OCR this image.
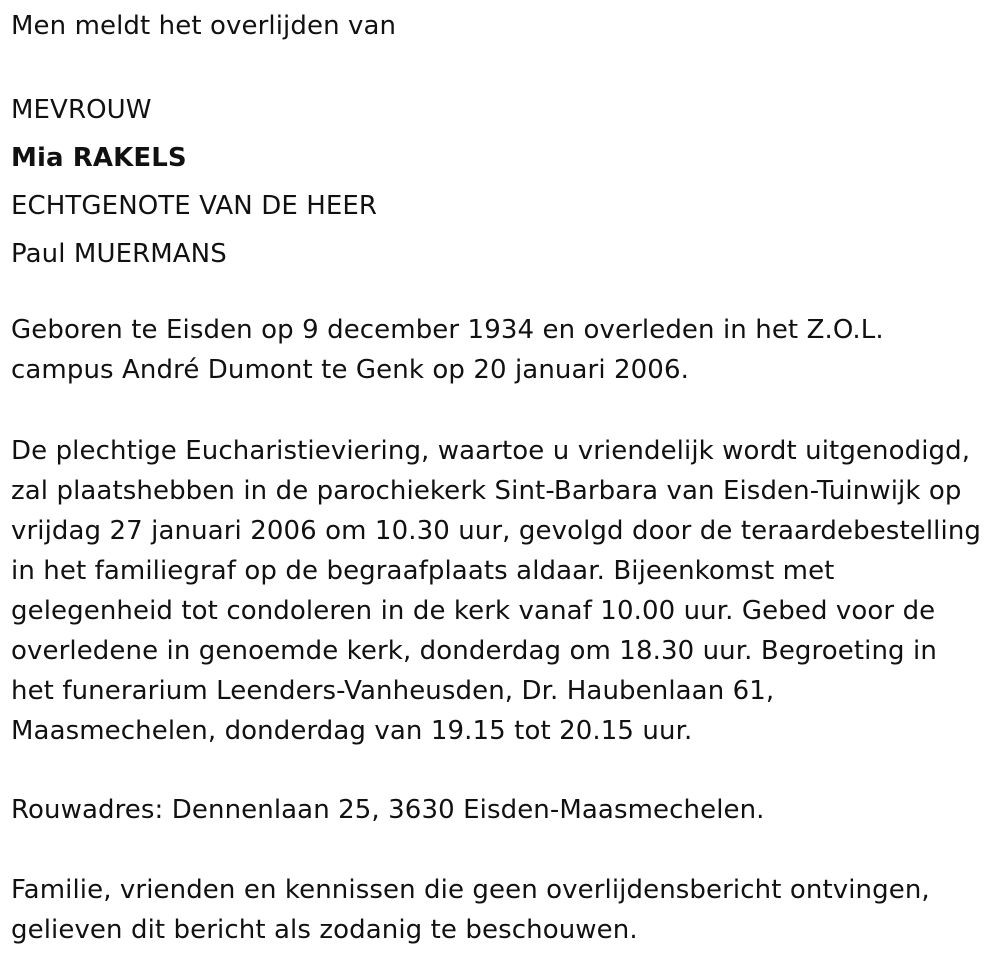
Men meldt het overlijden van

MEVROUW

Mia RAKELS

ECHTGENOTE VAN DE HEER

Paul MUERMANS

Geboren te Eisden op 9 december 1934 en overleden in het Z.O.L.

campus André Dumont te Genk op 20 januari 2006.

De plechtige Eucharistieviering, waartoe u vriendelijk wordt uitgenodigd,

zal plaatshebben in de parochiekerk Sint-Barbara van Eisden-Tuinwijk op

vrijdag 27 januari 2006 om 10.30 uur, gevolgd door de teraardebestelling

in het familiegraf op de begraafplaats aldaar. Bijeenkomst met

gelegenheid tot condoleren in de kerk vanaf 10.00 uur. Gebed voor de

overledene in genoemde kerk, donderdag om 18.30 uur. Begroeting in

het funerarium Leenders-Vanheusden, Dr. Haubenlaan 61,

Maasmechelen, donderdag van 19.15 tot 20.15 uur.

Rouwadres: Dennenlaan 25, 3630 Eisden-Maasmechelen.

Familie, vrienden en kennissen die geen overlijdensbericht ontvingen,

gelieven dit bericht als zodanig te beschouwen.
